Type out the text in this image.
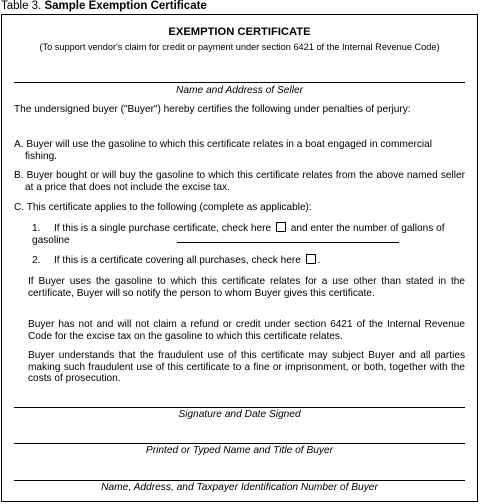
Table 3. Sample Exemption Certificate
EXEMPTION CERTIFICATE
(To support vendor's claim for credit or payment under section 6421 of the Internal Revenue Code)
Name and Address of Seller
The undersigned buyer ("Buyer") hereby certifies the following under penalties of perjury:
A. Buyer will use the gasoline to which this certificate relates in a boat engaged in commercial fishing.
B. Buyer bought or will buy the gasoline to which this certificate relates from the above named seller at a price that does not include the excise tax.
C. This certificate applies to the following (complete as applicable):
1. If this is a single purchase certificate, check here and enter the number of gallons of gasoline
2. If this is a certificate covering all purchases, check here .
If Buyer uses the gasoline to which this certificate relates for a use other than stated in the certificate, Buyer will so notify the person to whom Buyer gives this certificate.
Buyer has not and will not claim a refund or credit under section 6421 of the Internal Revenue Code for the excise tax on the gasoline to which this certificate relates.
Buyer understands that the fraudulent use of this certificate may subject Buyer and all parties making such fraudulent use of this certificate to a fine or imprisonment, or both, together with the costs of prosecution.
Signature and Date Signed
Printed or Typed Name and Title of Buyer
Name, Address, and Taxpayer Identification Number of Buyer
